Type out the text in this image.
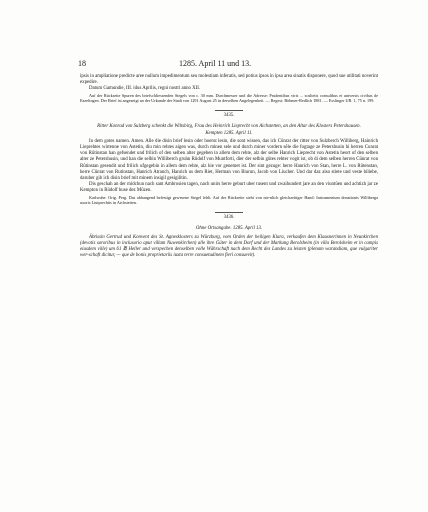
18	1285. April 11 und 13.

ipsis in ampliatione predicte aree nullum impedimentum seu molestiam inferatis, sed potius ipsos in ipsa area sinatis disponere, quod sue utilitati noverint expedire.

Datum Gamundie, III. idus Aprilis, regni nostri anno XII.

Auf der Rückseite Spuren des briefschliessenden Siegels von c. 30 mm. Durchmesser und die Adresse: Prudentibus viris ... scultetis consulibus et universis civibus de Ezzelingen. Der Brief ist angezeigt an der Urkunde der Stadt von 1291 August 25 in derselben Angelegenheit. — Regest: Böhmer-Redlich 1881. — Esslinger UB. 1, 75 n. 199.

3435.

Ritter Konrad von Sulzberg schenkt die Wiltsbirg, Frau des Heinrich Lieprecht von Aichstetten, an den Altar des Klosters Petershausen.

Kempten 1285. April 11.

In dem gotes namen. Amen. Alle die disin brief lesin oder hoerut lesin, die sont wissen, das ich Cûnrat der ritter von Sulzberch Williberg, Hainrich Lieprehtes wirtenne von Astetin, diu min rehtes aigen was, durch minen sele und durch miner vordern sêle die fogtage ze Petershusin hi herren Cunrat von Rûtinstan han gefsendet und frilich of den selben alter gegeben in allem dem rehte, alz der selbe Hanrich Lieprecht von Astetin heort of den selben alter ze Petershusin, und han die selbin Williberch gruhn Rûdolf von Muntforti, dier der selbin gûtes rehter vogit ist, ob di dem selben herren Cûnrat von Rûtinstan gesendit und frilich ufgegebin in allem dem rehte, alz hie vor genemet ist. Der sint gezuge: herre Hanrich von Stan, herre L. von Rûtenstan, herre Cûnrat von Rutinstan, Hanrich Atranch, Hanrich us dem Riet, Herman von Biurun, Jacob von Liucher. Und dar daz also stiete und veste biliebe, daruber gib ich disin brief mit minem insigil gesigilitin.

Dis geschah an der midchun nach sant Ambrosien tagen, nach unirs herre geburt uber tusent und zwaihundert jare an den viuntûen und achtizh jar ze Kempton in Rûdolf huse dez Mûzen.

Karlsruhe. Orig. Perg. Das abhangend befestigt gewesene Siegel fehlt. Auf der Rückseite steht von nie-nlich gleichzeitiger Hand: Instrumentum donationis Williberga uxoris Liutprechtis in Aichstetten.

3436.

Ohne Ortsangabe. 1285. April 13.

Äbtissin Gertrud und Konvent des St. Agnesklosters zu Würzburg, vom Orden der heiligen Klara, verkaufen dem Klausnerinnen in Neunkirchen (devotis sororibus in inclusorio aput villam Nuwenkirchen) alle ihre Güter in dem Dorf und der Markung Berolsheim (in villa Berolsheim et in campis eiusdem ville) um 61 ℔ Heller und verspechen denselben volle Währschaft nach dem Recht des Landes zu leisten (plenam warandiam, que vulgariter wer-schaft dicitur, — que de bonis proprietariis iuxta terre consuetudinem fieri consuevit).
